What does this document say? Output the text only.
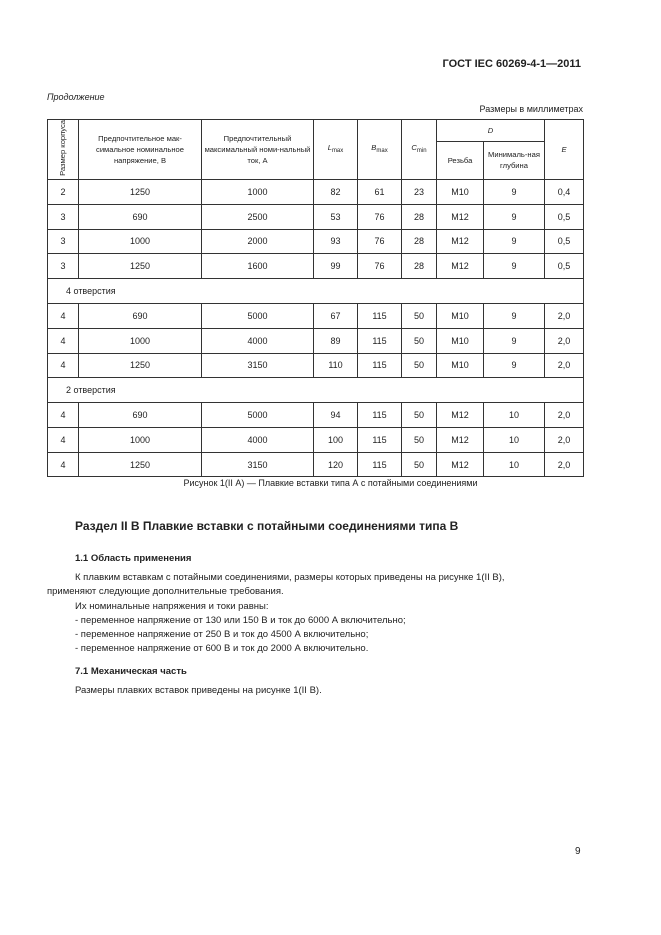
ГОСТ IEC 60269-4-1—2011
Продолжение
Размеры в миллиметрах
Размер корпуса	Предпочтительное мак-симальное номинальное напряжение, В	Предпочтительный максимальный номи-нальный ток, А	$L_{max}$	$B_{max}$	$C_{min}$	D		E
						Резьба	Минималь-ная глубина	
2	1250	1000	82	61	23	M10	9	0,4
3	690	2500	53	76	28	M12	9	0,5
3	1000	2000	93	76	28	M12	9	0,5
3	1250	1600	99	76	28	M12	9	0,5
4 отверстия								
4	690	5000	67	115	50	M10	9	2,0
4	1000	4000	89	115	50	M10	9	2,0
4	1250	3150	110	115	50	M10	9	2,0
2 отверстия								
4	690	5000	94	115	50	M12	10	2,0
4	1000	4000	100	115	50	M12	10	2,0
4	1250	3150	120	115	50	M12	10	2,0
Рисунок 1(II А) — Плавкие вставки типа А с потайными соединениями
Раздел II В Плавкие вставки с потайными соединениями типа В
1.1 Область применения
К плавким вставкам с потайными соединениями, размеры которых приведены на рисунке 1(II В),
применяют следующие дополнительные требования.
Их номинальные напряжения и токи равны:
- переменное напряжение от 130 или 150 В и ток до 6000 А включительно;
- переменное напряжение от 250 В и ток до 4500 А включительно;
- переменное напряжение от 600 В и ток до 2000 А включительно.
7.1 Механическая часть
Размеры плавких вставок приведены на рисунке 1(II В).
9
